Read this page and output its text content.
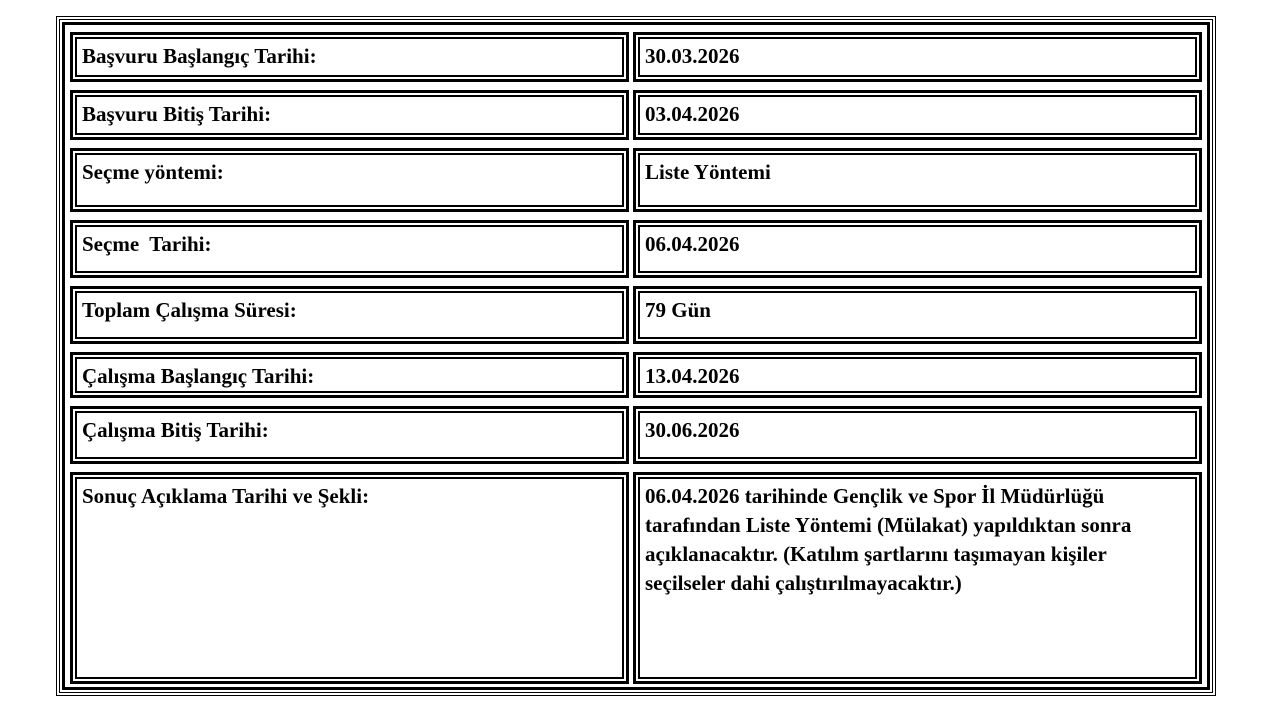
Başvuru Başlangıç Tarihi:	30.03.2026
Başvuru Bitiş Tarihi:	03.04.2026
Seçme yöntemi:	Liste Yöntemi
Seçme  Tarihi:	06.04.2026
Toplam Çalışma Süresi:	79 Gün
Çalışma Başlangıç Tarihi:	13.04.2026
Çalışma Bitiş Tarihi:	30.06.2026
Sonuç Açıklama Tarihi ve Şekli:	06.04.2026 tarihinde Gençlik ve Spor İl Müdürlüğü tarafından Liste Yöntemi (Mülakat) yapıldıktan sonra açıklanacaktır. (Katılım şartlarını taşımayan kişiler seçilseler dahi çalıştırılmayacaktır.)
